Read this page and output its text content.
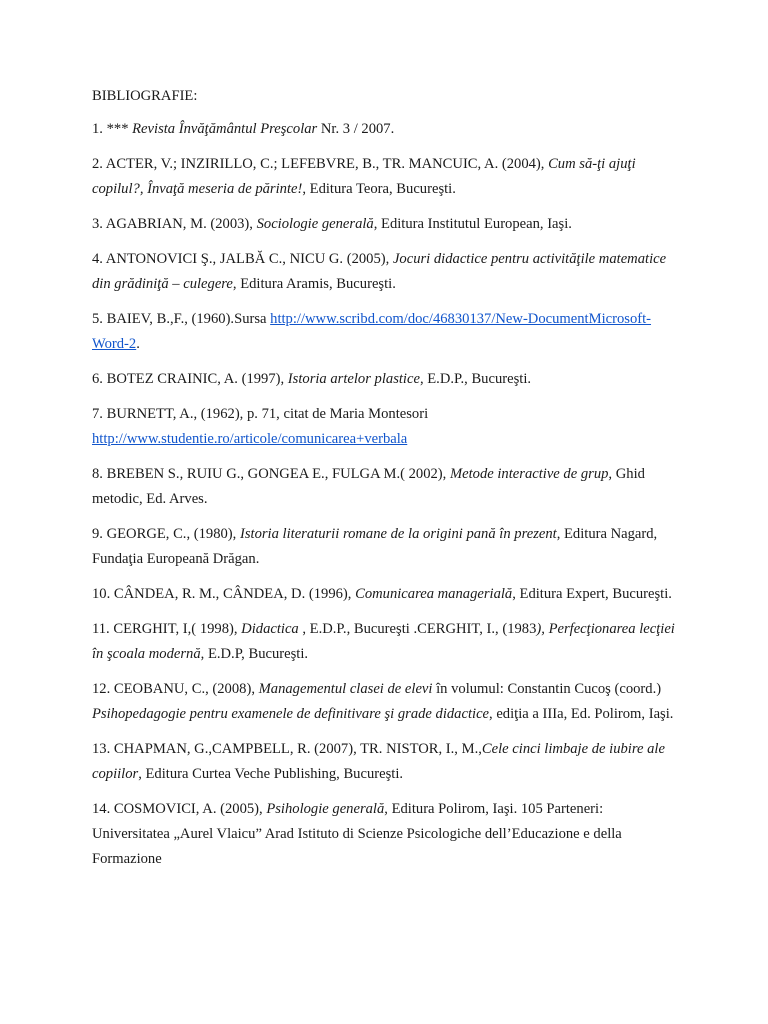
BIBLIOGRAFIE:

1. *** Revista Învăţământul Preşcolar Nr. 3 / 2007.

2. ACTER, V.; INZIRILLO, C.; LEFEBVRE, B., TR. MANCUIC, A. (2004), Cum să-ţi ajuţi copilul?, Învaţă meseria de părinte!, Editura Teora, Bucureşti.

3. AGABRIAN, M. (2003), Sociologie generală, Editura Institutul European, Iaşi.

4. ANTONOVICI Ş., JALBĂ C., NICU G. (2005), Jocuri didactice pentru activităţile matematice din grădiniţă – culegere, Editura Aramis, Bucureşti.

5. BAIEV, B.,F., (1960).Sursa http://www.scribd.com/doc/46830137/New-DocumentMicrosoft-Word-2.

6. BOTEZ CRAINIC, A. (1997), Istoria artelor plastice, E.D.P., Bucureşti.

7. BURNETT, A., (1962), p. 71, citat de Maria Montesori http://www.studentie.ro/articole/comunicarea+verbala

8. BREBEN S., RUIU G., GONGEA E., FULGA M.( 2002), Metode interactive de grup, Ghid metodic, Ed. Arves.

9. GEORGE, C., (1980), Istoria literaturii romane de la origini pană în prezent, Editura Nagard, Fundaţia Europeană Drăgan.

10. CÂNDEA, R. M., CÂNDEA, D. (1996), Comunicarea managerială, Editura Expert, Bucureşti.

11. CERGHIT, I,( 1998), Didactica , E.D.P., Bucureşti .CERGHIT, I., (1983), Perfecţionarea lecţiei în şcoala modernă, E.D.P, Bucureşti.

12. CEOBANU, C., (2008), Managementul clasei de elevi în volumul: Constantin Cucoş (coord.) Psihopedagogie pentru examenele de definitivare şi grade didactice, ediţia a IIIa, Ed. Polirom, Iaşi.

13. CHAPMAN, G.,CAMPBELL, R. (2007), TR. NISTOR, I., M.,Cele cinci limbaje de iubire ale copiilor, Editura Curtea Veche Publishing, Bucureşti.

14. COSMOVICI, A. (2005), Psihologie generală, Editura Polirom, Iaşi. 105 Parteneri: Universitatea „Aurel Vlaicu” Arad Istituto di Scienze Psicologiche dell’Educazione e della Formazione
